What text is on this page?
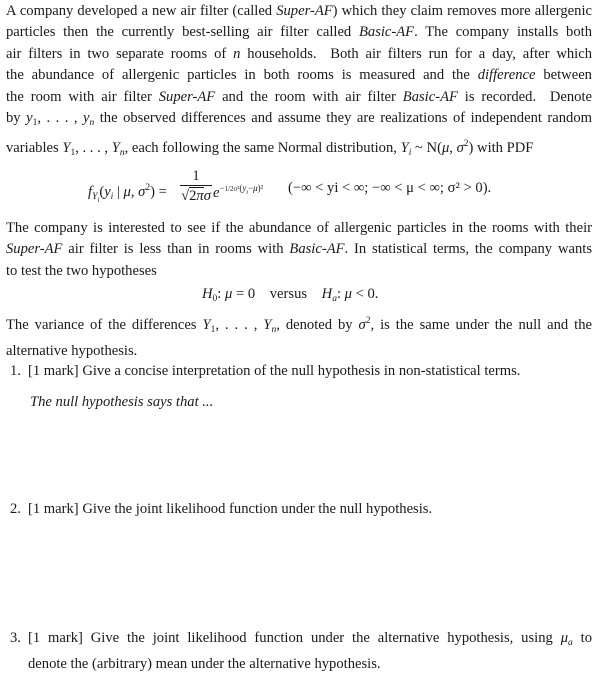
A company developed a new air filter (called Super-AF) which they claim removes more allergenic
particles then the currently best-selling air filter called Basic-AF. The company installs both
air filters in two separate rooms of n households.  Both air filters run for a day, after which
the abundance of allergenic particles in both rooms is measured and the difference between
the room with air filter Super-AF and the room with air filter Basic-AF is recorded.  Denote
by $y_1$, . . . , $y_n$ the observed differences and assume they are realizations of independent random
variables $Y_1$, . . . , $Y_n$, each following the same Normal distribution, $Y_i$ ~ N(μ, $\sigma^2$) with PDF
$f_{Y_i}(y_i$ | μ, $\sigma^2$) =
1
√2πσ $e^{-1/2\sigma^2(y_i-\mu)^2}$ (−∞ < yi < ∞; −∞ < μ < ∞; σ² > 0).
The company is interested to see if the abundance of allergenic particles in the rooms with their
Super-AF air filter is less than in rooms with Basic-AF. In statistical terms, the company wants
to test the two hypotheses
$H_0$: μ = 0 versus $H_a$: μ < 0.
The variance of the differences $Y_1$, . . . , $Y_n$, denoted by $\sigma^2$, is the same under the null and the
alternative hypothesis.
1. [1 mark] Give a concise interpretation of the null hypothesis in non-statistical terms.
The null hypothesis says that ...
2. [1 mark] Give the joint likelihood function under the null hypothesis.
3. [1 mark] Give the joint likelihood function under the alternative hypothesis, using $\mu_a$ to
denote the (arbitrary) mean under the alternative hypothesis.
